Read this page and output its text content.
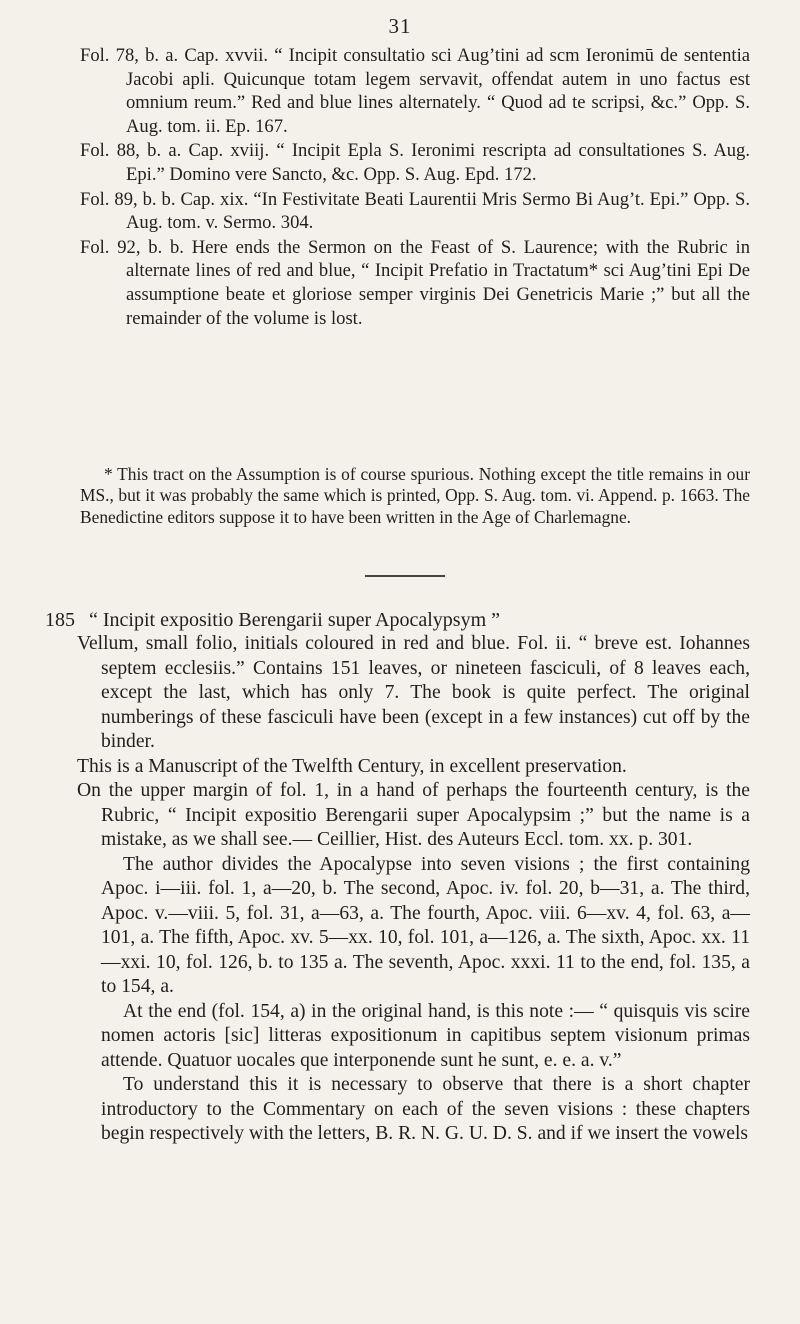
31

Fol. 78, b. a. Cap. xvvii. “ Incipit consultatio sci Aug’tini ad scm Ieronimū de sententia Jacobi apli. Quicunque totam legem servavit, offendat autem in uno factus est omnium reum.” Red and blue lines alternately. “ Quod ad te scripsi, &c.” Opp. S. Aug. tom. ii. Ep. 167.

Fol. 88, b. a. Cap. xviij. “ Incipit Epla S. Ieronimi rescripta ad consultationes S. Aug. Epi.” Domino vere Sancto, &c. Opp. S. Aug. Epd. 172.

Fol. 89, b. b. Cap. xix. “In Festivitate Beati Laurentii Mris Sermo Bi Aug’t. Epi.” Opp. S. Aug. tom. v. Sermo. 304.

Fol. 92, b. b. Here ends the Sermon on the Feast of S. Laurence; with the Rubric in alternate lines of red and blue, “ Incipit Prefatio in Tractatum* sci Aug’tini Epi De assumptione beate et gloriose semper virginis Dei Genetricis Marie ;” but all the remainder of the volume is lost.

* This tract on the Assumption is of course spurious. Nothing except the title remains in our MS., but it was probably the same which is printed, Opp. S. Aug. tom. vi. Append. p. 1663. The Benedictine editors suppose it to have been written in the Age of Charlemagne.

185 “ Incipit expositio Berengarii super Apocalypsym ”

Vellum, small folio, initials coloured in red and blue. Fol. ii. “ breve est. Iohannes septem ecclesiis.” Contains 151 leaves, or nineteen fasciculi, of 8 leaves each, except the last, which has only 7. The book is quite perfect. The original numberings of these fasciculi have been (except in a few instances) cut off by the binder.

This is a Manuscript of the Twelfth Century, in excellent preservation.

On the upper margin of fol. 1, in a hand of perhaps the fourteenth century, is the Rubric, “ Incipit expositio Berengarii super Apocalypsim ;” but the name is a mistake, as we shall see.— Ceillier, Hist. des Auteurs Eccl. tom. xx. p. 301.

The author divides the Apocalypse into seven visions ; the first containing Apoc. i—iii. fol. 1, a—20, b. The second, Apoc. iv. fol. 20, b—31, a. The third, Apoc. v.—viii. 5, fol. 31, a—63, a. The fourth, Apoc. viii. 6—xv. 4, fol. 63, a—101, a. The fifth, Apoc. xv. 5—xx. 10, fol. 101, a—126, a. The sixth, Apoc. xx. 11—xxi. 10, fol. 126, b. to 135 a. The seventh, Apoc. xxxi. 11 to the end, fol. 135, a to 154, a.

At the end (fol. 154, a) in the original hand, is this note :— “ quisquis vis scire nomen actoris [sic] litteras expositionum in capitibus septem visionum primas attende. Quatuor uocales que interponende sunt he sunt, e. e. a. v.”

To understand this it is necessary to observe that there is a short chapter introductory to the Commentary on each of the seven visions : these chapters begin respectively with the letters, B. R. N. G. U. D. S. and if we insert the vowels
